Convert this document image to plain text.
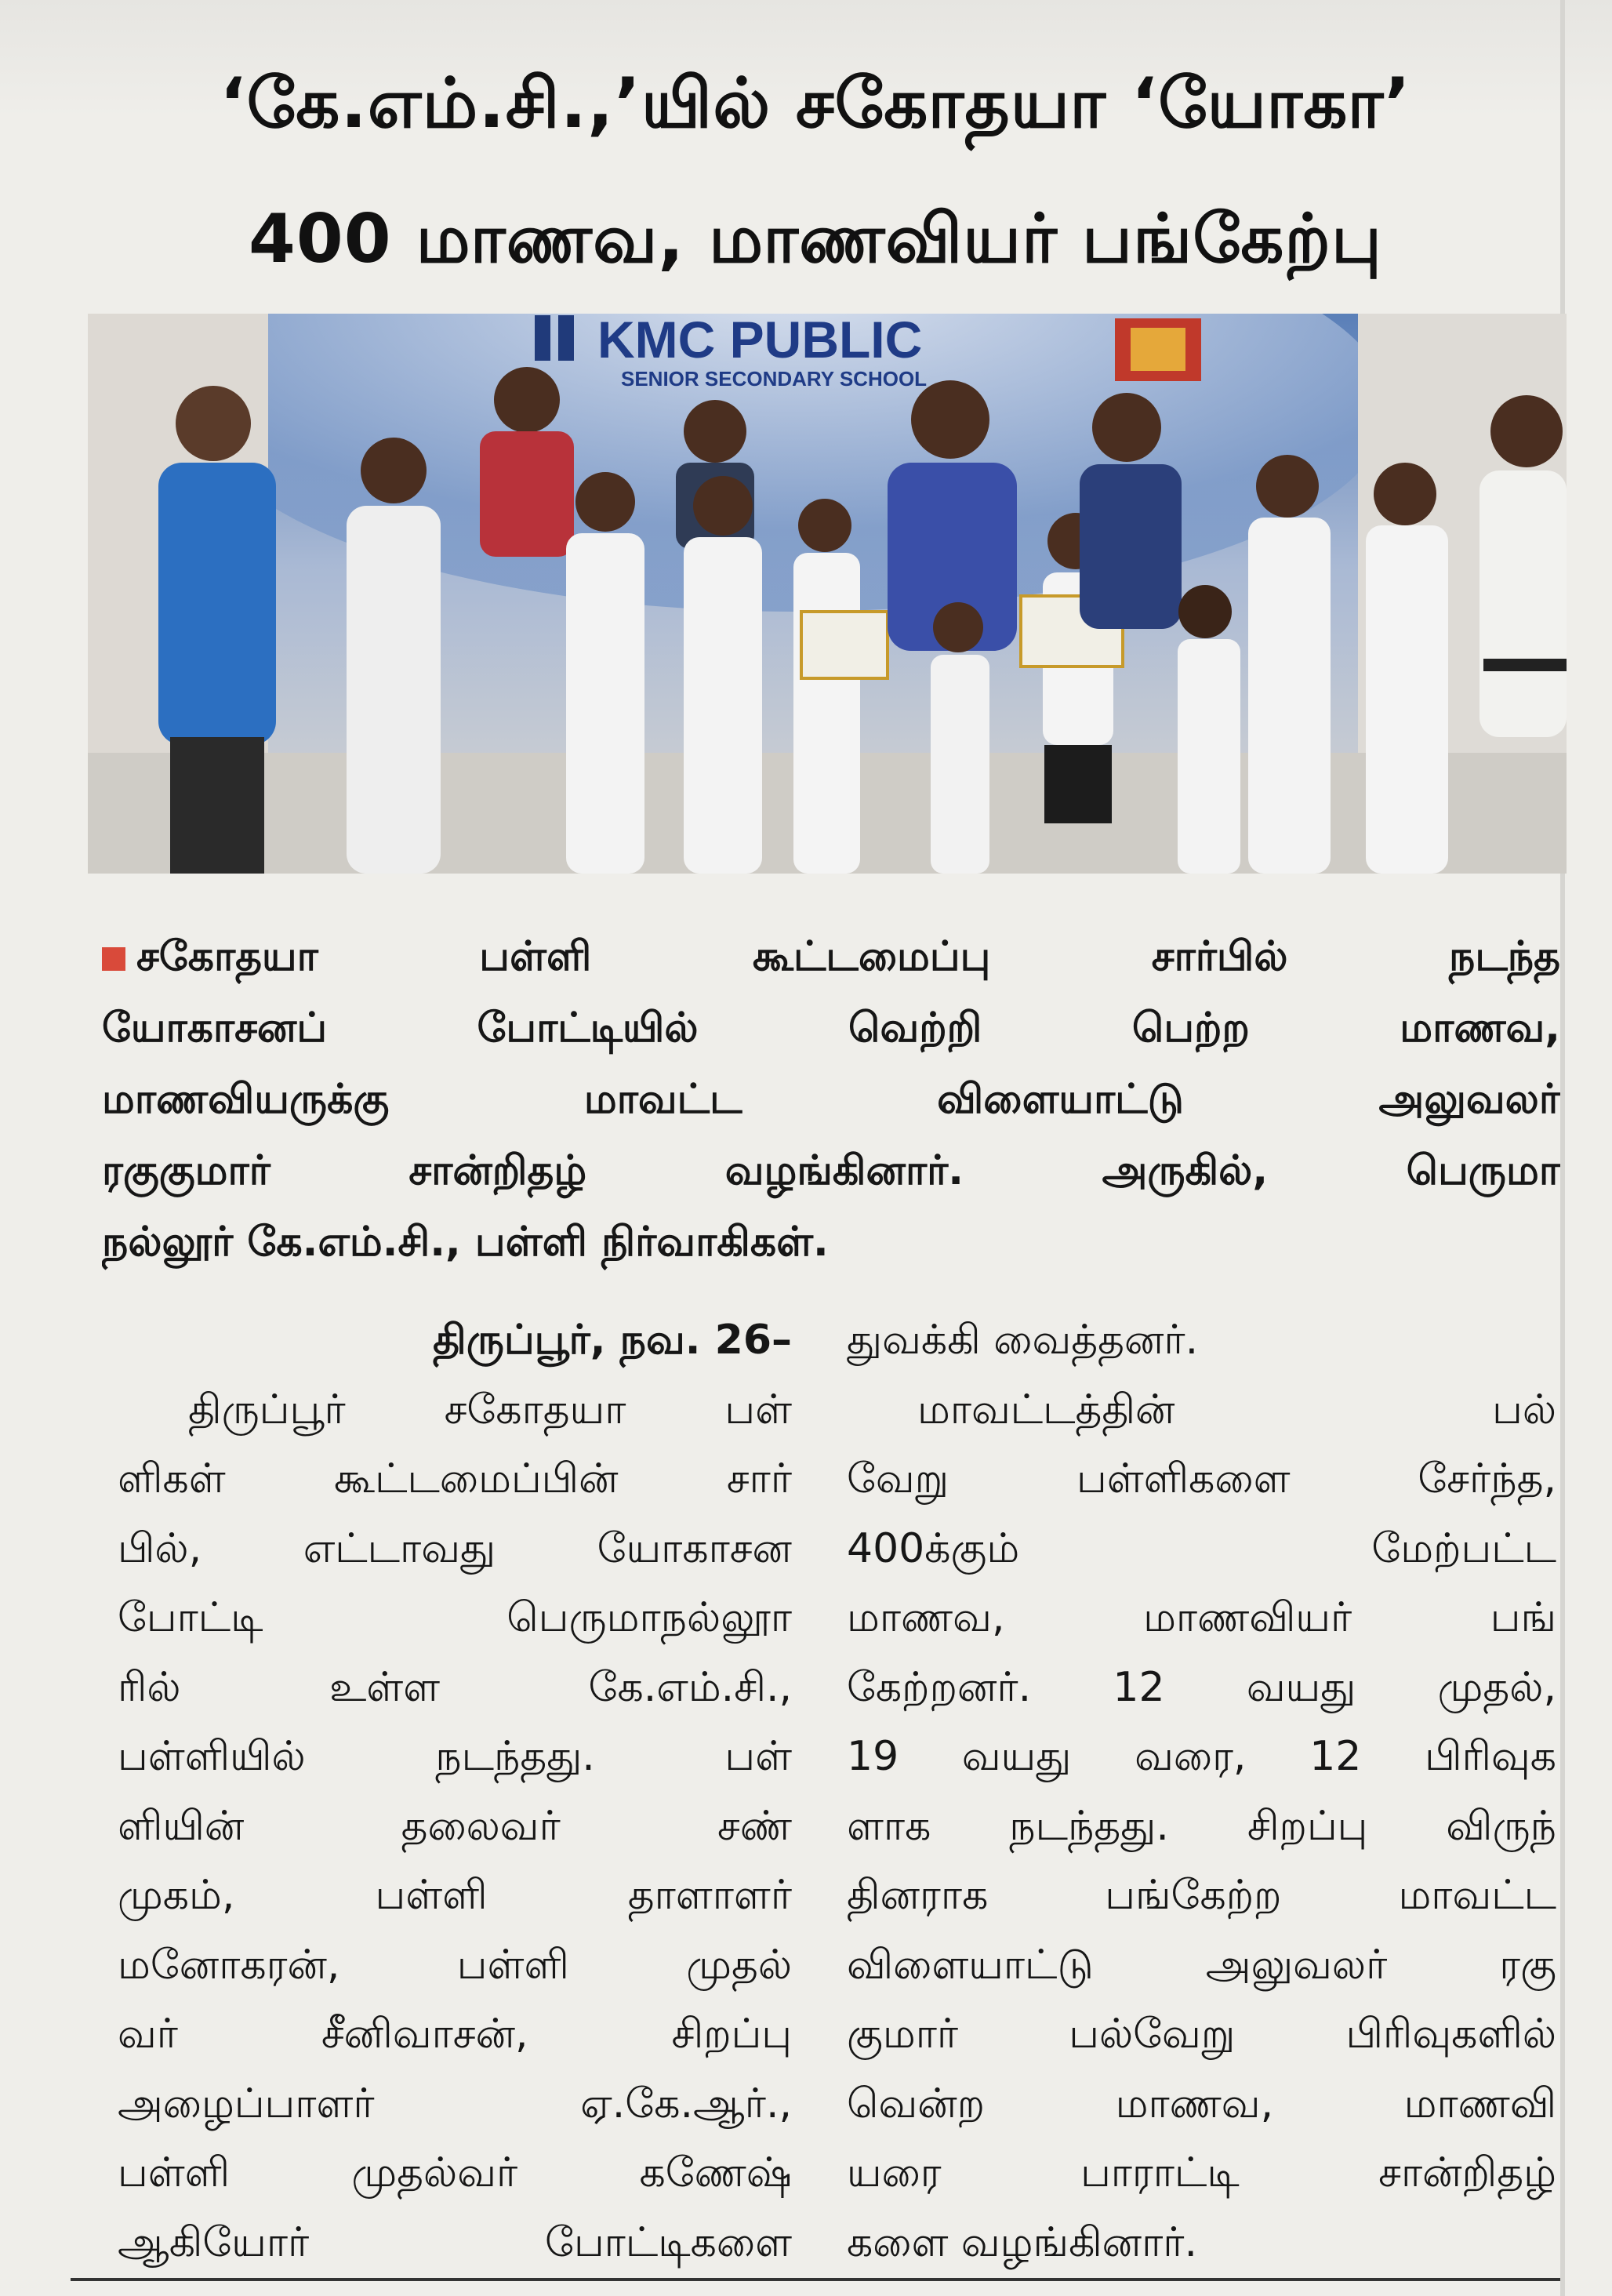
‘கே.எம்.சி.,’யில் சகோதயா ‘யோகா’
400 மாணவ, மாணவியர் பங்கேற்பு
KMC PUBLIC
SENIOR SECONDARY SCHOOL
சகோதயா பள்ளி கூட்டமைப்பு சார்பில் நடந்த
யோகாசனப் போட்டியில் வெற்றி பெற்ற மாணவ,
மாணவியருக்கு மாவட்ட விளையாட்டு அலுவலர்
ரகுகுமார் சான்றிதழ் வழங்கினார். அருகில், பெருமா
நல்லூர் கே.எம்.சி., பள்ளி நிர்வாகிகள்.
திருப்பூர், நவ. 26–
திருப்பூர் சகோதயா பள்
ளிகள் கூட்டமைப்பின் சார்
பில், எட்டாவது யோகாசன
போட்டி பெருமாநல்லூா
ரில் உள்ள கே.எம்.சி.,
பள்ளியில் நடந்தது. பள்
ளியின் தலைவர் சண்
முகம், பள்ளி தாளாளர்
மனோகரன், பள்ளி முதல்
வர் சீனிவாசன், சிறப்பு
அழைப்பாளர் ஏ.கே.ஆர்.,
பள்ளி முதல்வர் கணேஷ்
ஆகியோர் போட்டிகளை
துவக்கி வைத்தனர்.
மாவட்டத்தின் பல்
வேறு பள்ளிகளை சேர்ந்த,
400க்கும் மேற்பட்ட
மாணவ, மாணவியர் பங்
கேற்றனர். 12 வயது முதல்,
19 வயது வரை, 12 பிரிவுக
ளாக நடந்தது. சிறப்பு விருந்
தினராக பங்கேற்ற மாவட்ட
விளையாட்டு அலுவலர் ரகு
குமார் பல்வேறு பிரிவுகளில்
வென்ற மாணவ, மாணவி
யரை பாராட்டி சான்றிதழ்
களை வழங்கினார்.
